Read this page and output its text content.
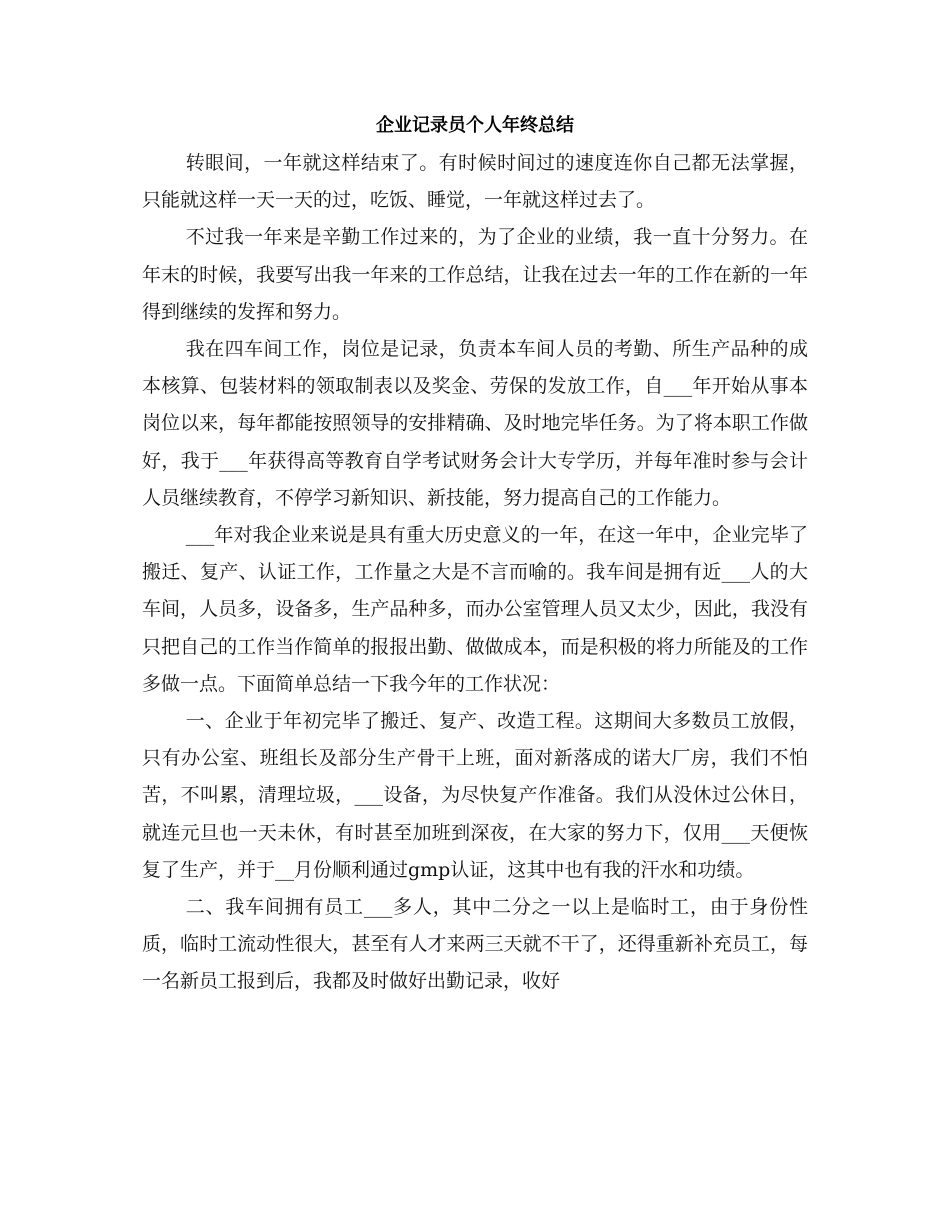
企业记录员个人年终总结

转眼间，一年就这样结束了。有时候时间过的速度连你自己都无法掌握，只能就这样一天一天的过，吃饭、睡觉，一年就这样过去了。

不过我一年来是辛勤工作过来的，为了企业的业绩，我一直十分努力。在年末的时候，我要写出我一年来的工作总结，让我在过去一年的工作在新的一年得到继续的发挥和努力。

我在四车间工作，岗位是记录，负责本车间人员的考勤、所生产品种的成本核算、包装材料的领取制表以及奖金、劳保的发放工作，自___年开始从事本岗位以来，每年都能按照领导的安排精确、及时地完毕任务。为了将本职工作做好，我于___年获得高等教育自学考试财务会计大专学历，并每年准时参与会计人员继续教育，不停学习新知识、新技能，努力提高自己的工作能力。

___年对我企业来说是具有重大历史意义的一年，在这一年中，企业完毕了搬迁、复产、认证工作，工作量之大是不言而喻的。我车间是拥有近___人的大车间，人员多，设备多，生产品种多，而办公室管理人员又太少，因此，我没有只把自己的工作当作简单的报报出勤、做做成本，而是积极的将力所能及的工作多做一点。下面简单总结一下我今年的工作状况：

一、企业于年初完毕了搬迁、复产、改造工程。这期间大多数员工放假，只有办公室、班组长及部分生产骨干上班，面对新落成的诺大厂房，我们不怕苦，不叫累，清理垃圾，___设备，为尽快复产作准备。我们从没休过公休日，就连元旦也一天未休，有时甚至加班到深夜，在大家的努力下，仅用___天便恢复了生产，并于__月份顺利通过gmp认证，这其中也有我的汗水和功绩。

二、我车间拥有员工___多人，其中二分之一以上是临时工，由于身份性质，临时工流动性很大，甚至有人才来两三天就不干了，还得重新补充员工，每一名新员工报到后，我都及时做好出勤记录，收好
